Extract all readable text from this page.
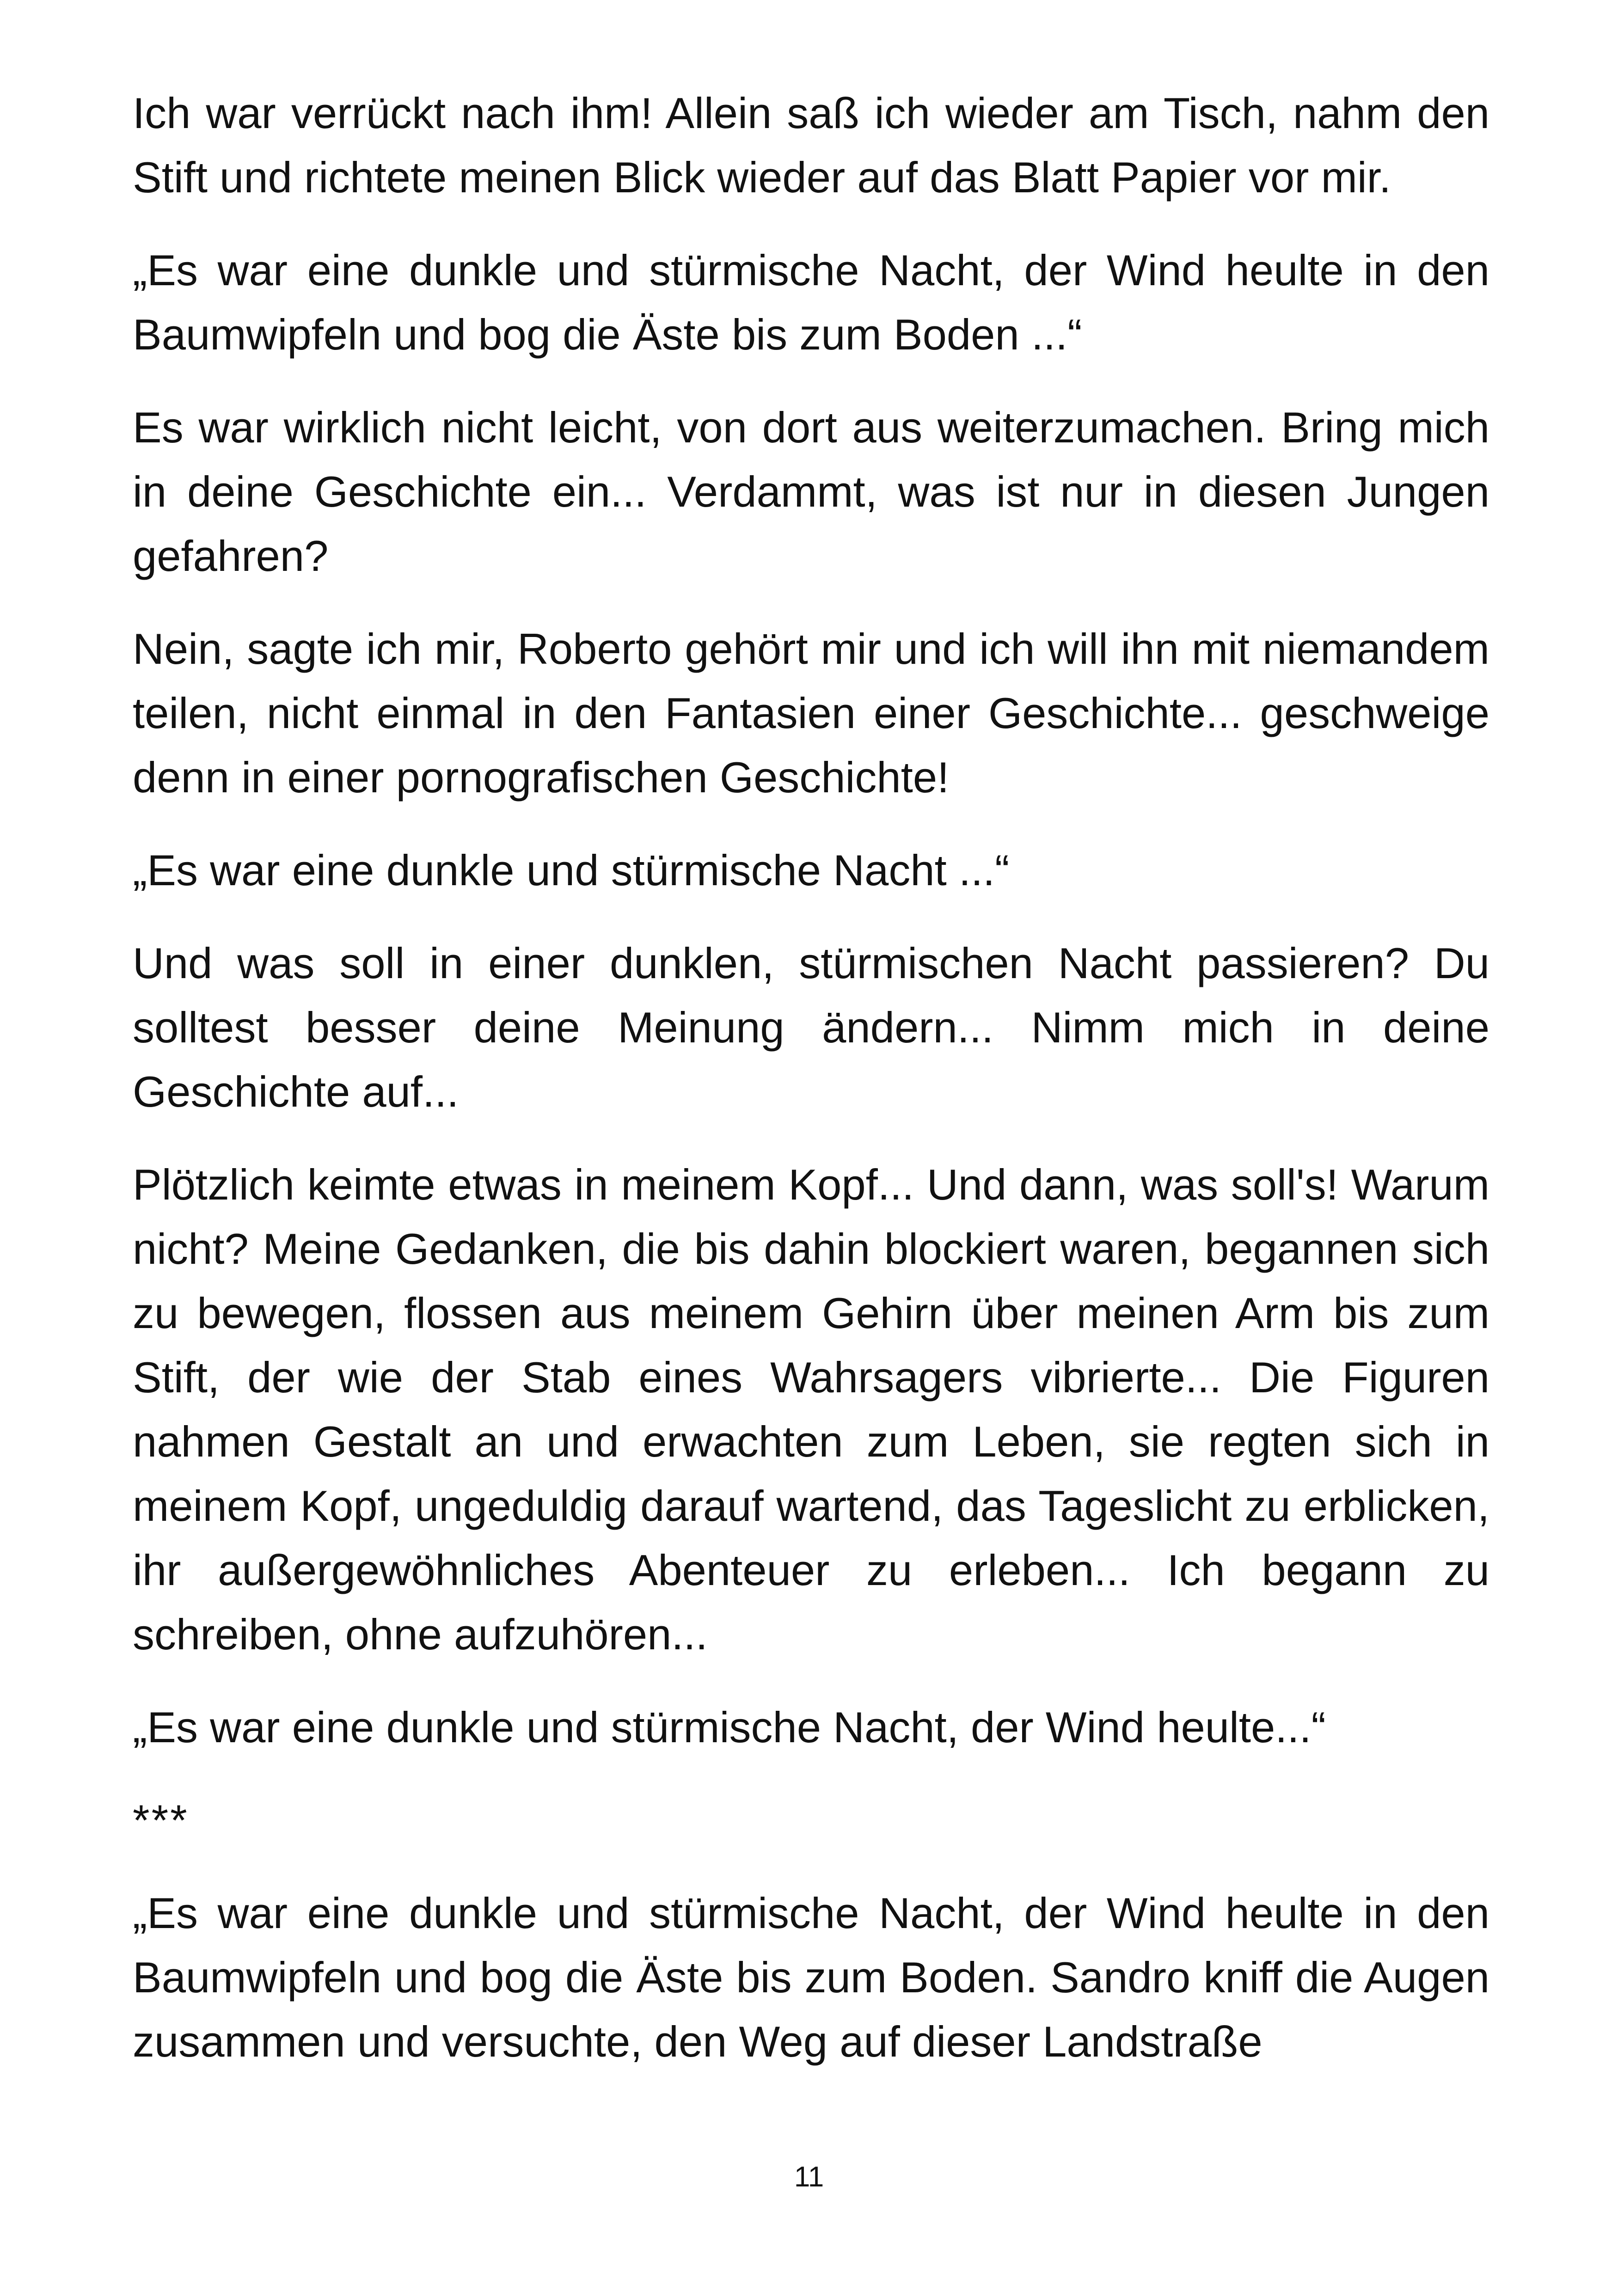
Ich war verrückt nach ihm! Allein saß ich wieder am Tisch, nahm den Stift und richtete meinen Blick wieder auf das Blatt Papier vor mir.

„Es war eine dunkle und stürmische Nacht, der Wind heulte in den Baumwipfeln und bog die Äste bis zum Boden ...“

Es war wirklich nicht leicht, von dort aus weiterzumachen. Bring mich in deine Geschichte ein... Verdammt, was ist nur in diesen Jungen gefahren?

Nein, sagte ich mir, Roberto gehört mir und ich will ihn mit niemandem teilen, nicht einmal in den Fantasien einer Geschichte... geschweige denn in einer pornografischen Geschichte!

„Es war eine dunkle und stürmische Nacht ...“

Und was soll in einer dunklen, stürmischen Nacht passieren? Du solltest besser deine Meinung ändern... Nimm mich in deine Geschichte auf...

Plötzlich keimte etwas in meinem Kopf... Und dann, was soll's! Warum nicht? Meine Gedanken, die bis dahin blockiert waren, begannen sich zu bewegen, flossen aus meinem Gehirn über meinen Arm bis zum Stift, der wie der Stab eines Wahrsagers vibrierte... Die Figuren nahmen Gestalt an und erwachten zum Leben, sie regten sich in meinem Kopf, ungeduldig darauf wartend, das Tageslicht zu erblicken, ihr außergewöhnliches Abenteuer zu erleben... Ich begann zu schreiben, ohne aufzuhören...

„Es war eine dunkle und stürmische Nacht, der Wind heulte...“

***

„Es war eine dunkle und stürmische Nacht, der Wind heulte in den Baumwipfeln und bog die Äste bis zum Boden. Sandro kniff die Augen zusammen und versuchte, den Weg auf dieser Landstraße

11
